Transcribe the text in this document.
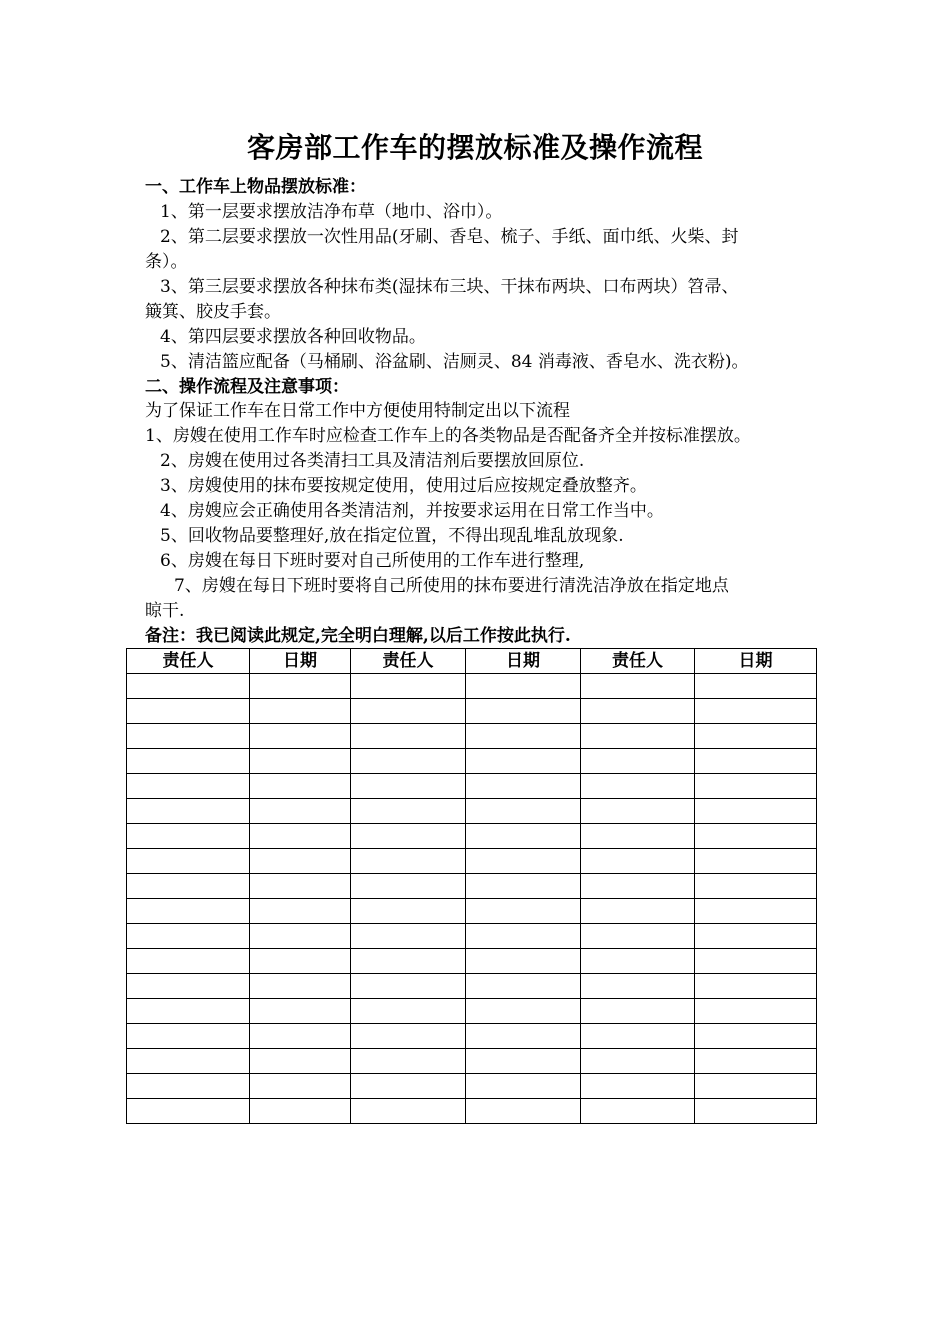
客房部工作车的摆放标准及操作流程
一、工作车上物品摆放标准：
1、第一层要求摆放洁净布草（地巾、浴巾）。
2、第二层要求摆放一次性用品(牙刷、香皂、梳子、手纸、面巾纸、火柴、封
条）。
3、第三层要求摆放各种抹布类(湿抹布三块、干抹布两块、口布两块）笤帚、
簸箕、胶皮手套。
4、第四层要求摆放各种回收物品。
5、清洁篮应配备（马桶刷、浴盆刷、洁厕灵、84 消毒液、香皂水、洗衣粉)。
二、操作流程及注意事项：
为了保证工作车在日常工作中方便使用特制定出以下流程
1、房嫂在使用工作车时应检查工作车上的各类物品是否配备齐全并按标准摆放。
2、房嫂在使用过各类清扫工具及清洁剂后要摆放回原位.
3、房嫂使用的抹布要按规定使用，使用过后应按规定叠放整齐。
4、房嫂应会正确使用各类清洁剂，并按要求运用在日常工作当中。
5、回收物品要整理好,放在指定位置，不得出现乱堆乱放现象.
6、房嫂在每日下班时要对自己所使用的工作车进行整理,
7、房嫂在每日下班时要将自己所使用的抹布要进行清洗洁净放在指定地点
晾干.
备注：我已阅读此规定,完全明白理解,以后工作按此执行.
责任人	日期	责任人	日期	责任人	日期
